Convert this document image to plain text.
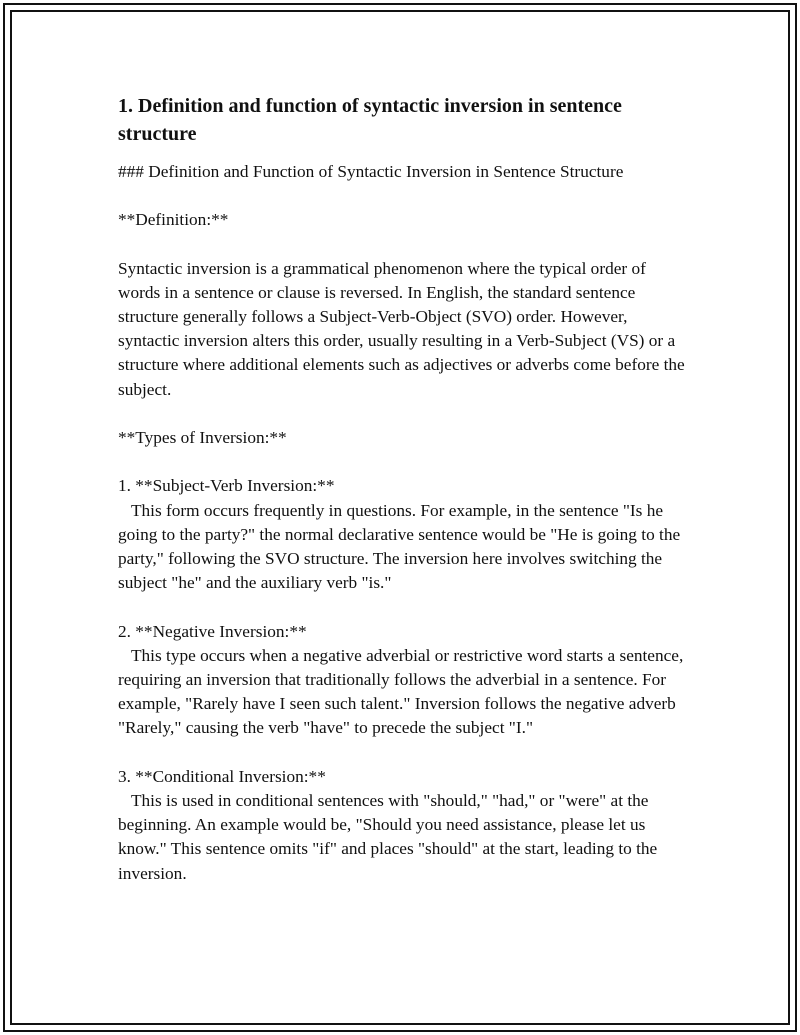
1. Definition and function of syntactic inversion in sentence structure
### Definition and Function of Syntactic Inversion in Sentence Structure
**Definition:**
Syntactic inversion is a grammatical phenomenon where the typical order of words in a sentence or clause is reversed. In English, the standard sentence structure generally follows a Subject-Verb-Object (SVO) order. However, syntactic inversion alters this order, usually resulting in a Verb-Subject (VS) or a structure where additional elements such as adjectives or adverbs come before the subject.
**Types of Inversion:**
1. **Subject-Verb Inversion:**
This form occurs frequently in questions. For example, in the sentence "Is he going to the party?" the normal declarative sentence would be "He is going to the party," following the SVO structure. The inversion here involves switching the subject "he" and the auxiliary verb "is."
2. **Negative Inversion:**
This type occurs when a negative adverbial or restrictive word starts a sentence, requiring an inversion that traditionally follows the adverbial in a sentence. For example, "Rarely have I seen such talent." Inversion follows the negative adverb "Rarely," causing the verb "have" to precede the subject "I."
3. **Conditional Inversion:**
This is used in conditional sentences with "should," "had," or "were" at the beginning. An example would be, "Should you need assistance, please let us know." This sentence omits "if" and places "should" at the start, leading to the inversion.
